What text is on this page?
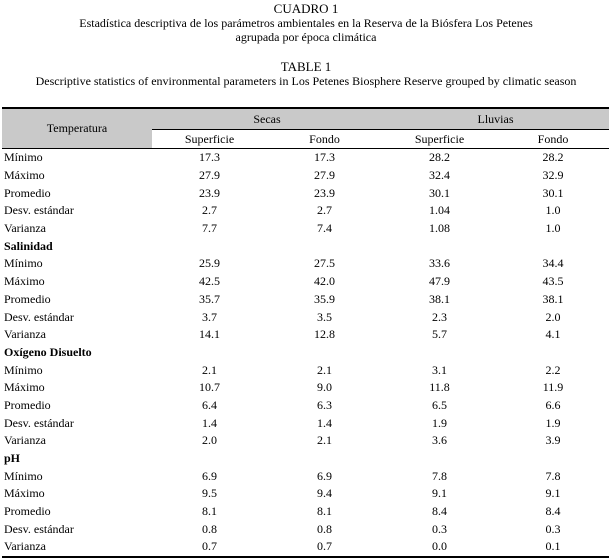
CUADRO 1
Estadística descriptiva de los parámetros ambientales en la Reserva de la Biósfera Los Petenes
agrupada por época climática
TABLE 1
Descriptive statistics of environmental parameters in Los Petenes Biosphere Reserve grouped by climatic season
Temperatura	Secas		Lluvias	
	Superficie	Fondo	Superficie	Fondo
Mínimo	17.3	17.3	28.2	28.2
Máximo	27.9	27.9	32.4	32.9
Promedio	23.9	23.9	30.1	30.1
Desv. estándar	2.7	2.7	1.04	1.0
Varianza	7.7	7.4	1.08	1.0
Salinidad				
Mínimo	25.9	27.5	33.6	34.4
Máximo	42.5	42.0	47.9	43.5
Promedio	35.7	35.9	38.1	38.1
Desv. estándar	3.7	3.5	2.3	2.0
Varianza	14.1	12.8	5.7	4.1
Oxígeno Disuelto				
Mínimo	2.1	2.1	3.1	2.2
Máximo	10.7	9.0	11.8	11.9
Promedio	6.4	6.3	6.5	6.6
Desv. estándar	1.4	1.4	1.9	1.9
Varianza	2.0	2.1	3.6	3.9
pH				
Mínimo	6.9	6.9	7.8	7.8
Máximo	9.5	9.4	9.1	9.1
Promedio	8.1	8.1	8.4	8.4
Desv. estándar	0.8	0.8	0.3	0.3
Varianza	0.7	0.7	0.0	0.1
